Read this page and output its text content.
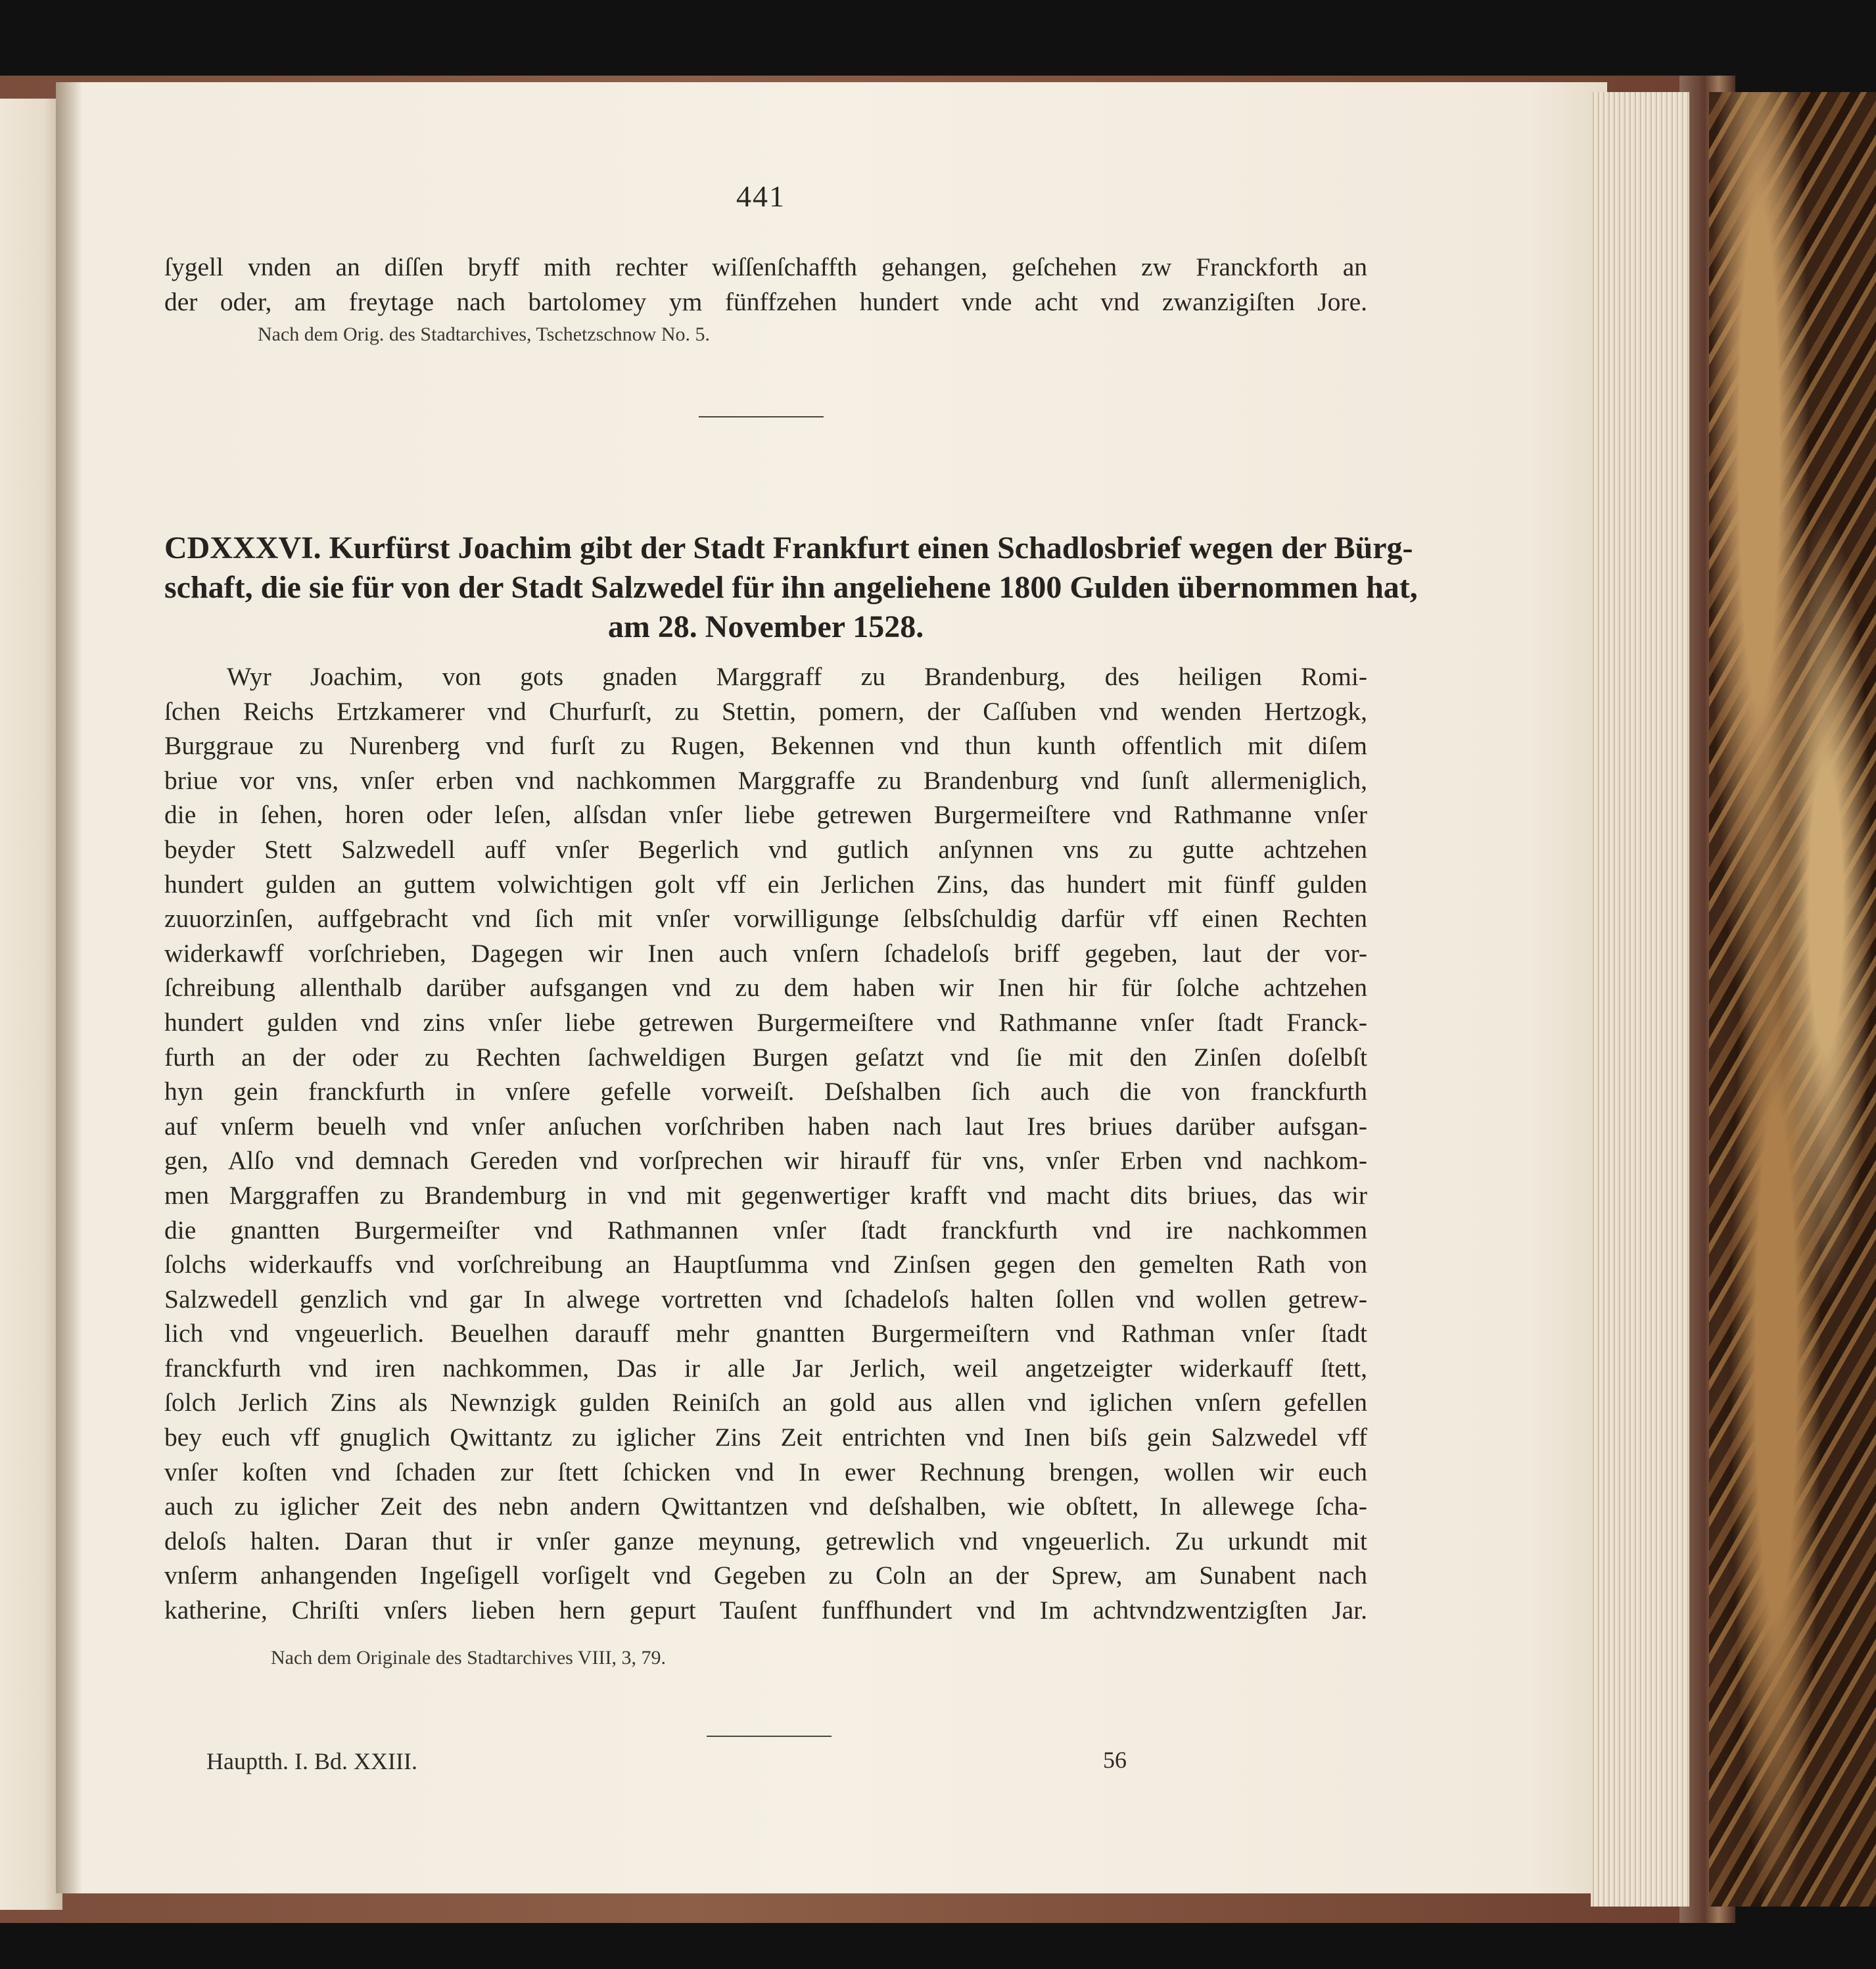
441
ſygell vnden an diſſen bryff mith rechter wiſſenſchaffth gehangen, geſchehen zw Franckforth an
der oder, am freytage nach bartolomey ym fünffzehen hundert vnde acht vnd zwanzigiſten Jore.
Nach dem Orig. des Stadtarchives, Tschetzschnow No. 5.
CDXXXVI. Kurfürst Joachim gibt der Stadt Frankfurt einen Schadlosbrief wegen der Bürg-
schaft, die sie für von der Stadt Salzwedel für ihn angeliehene 1800 Gulden übernommen hat,
am 28. November 1528.
Wyr Joachim, von gots gnaden Marggraff zu Brandenburg, des heiligen Romi-
ſchen Reichs Ertzkamerer vnd Churfurſt, zu Stettin, pomern, der Caſſuben vnd wenden Hertzogk,
Burggraue zu Nurenberg vnd furſt zu Rugen, Bekennen vnd thun kunth offentlich mit diſem
briue vor vns, vnſer erben vnd nachkommen Marggraffe zu Brandenburg vnd ſunſt allermeniglich,
die in ſehen, horen oder leſen, alſsdan vnſer liebe getrewen Burgermeiſtere vnd Rathmanne vnſer
beyder Stett Salzwedell auff vnſer Begerlich vnd gutlich anſynnen vns zu gutte achtzehen
hundert gulden an guttem volwichtigen golt vff ein Jerlichen Zins, das hundert mit fünff gulden
zuuorzinſen, auffgebracht vnd ſich mit vnſer vorwilligunge ſelbsſchuldig darfür vff einen Rechten
widerkawff vorſchrieben, Dagegen wir Inen auch vnſern ſchadeloſs briff gegeben, laut der vor-
ſchreibung allenthalb darüber aufsgangen vnd zu dem haben wir Inen hir für ſolche achtzehen
hundert gulden vnd zins vnſer liebe getrewen Burgermeiſtere vnd Rathmanne vnſer ſtadt Franck-
furth an der oder zu Rechten ſachweldigen Burgen geſatzt vnd ſie mit den Zinſen doſelbſt
hyn gein franckfurth in vnſere gefelle vorweiſt. Deſshalben ſich auch die von franckfurth
auf vnſerm beuelh vnd vnſer anſuchen vorſchriben haben nach laut Ires briues darüber aufsgan-
gen, Alſo vnd demnach Gereden vnd vorſprechen wir hirauff für vns, vnſer Erben vnd nachkom-
men Marggraffen zu Brandemburg in vnd mit gegenwertiger krafft vnd macht dits briues, das wir
die gnantten Burgermeiſter vnd Rathmannen vnſer ſtadt franckfurth vnd ire nachkommen
ſolchs widerkauffs vnd vorſchreibung an Hauptſumma vnd Zinſsen gegen den gemelten Rath von
Salzwedell genzlich vnd gar In alwege vortretten vnd ſchadeloſs halten ſollen vnd wollen getrew-
lich vnd vngeuerlich. Beuelhen darauff mehr gnantten Burgermeiſtern vnd Rathman vnſer ſtadt
franckfurth vnd iren nachkommen, Das ir alle Jar Jerlich, weil angetzeigter widerkauff ſtett,
ſolch Jerlich Zins als Newnzigk gulden Reiniſch an gold aus allen vnd iglichen vnſern gefellen
bey euch vff gnuglich Qwittantz zu iglicher Zins Zeit entrichten vnd Inen biſs gein Salzwedel vff
vnſer koſten vnd ſchaden zur ſtett ſchicken vnd In ewer Rechnung brengen, wollen wir euch
auch zu iglicher Zeit des nebn andern Qwittantzen vnd deſshalben, wie obſtett, In allewege ſcha-
deloſs halten. Daran thut ir vnſer ganze meynung, getrewlich vnd vngeuerlich. Zu urkundt mit
vnſerm anhangenden Ingeſigell vorſigelt vnd Gegeben zu Coln an der Sprew, am Sunabent nach
katherine, Chriſti vnſers lieben hern gepurt Tauſent funffhundert vnd Im achtvndzwentzigſten Jar.
Nach dem Originale des Stadtarchives VIII, 3, 79.
Hauptth. I. Bd. XXIII.	56
